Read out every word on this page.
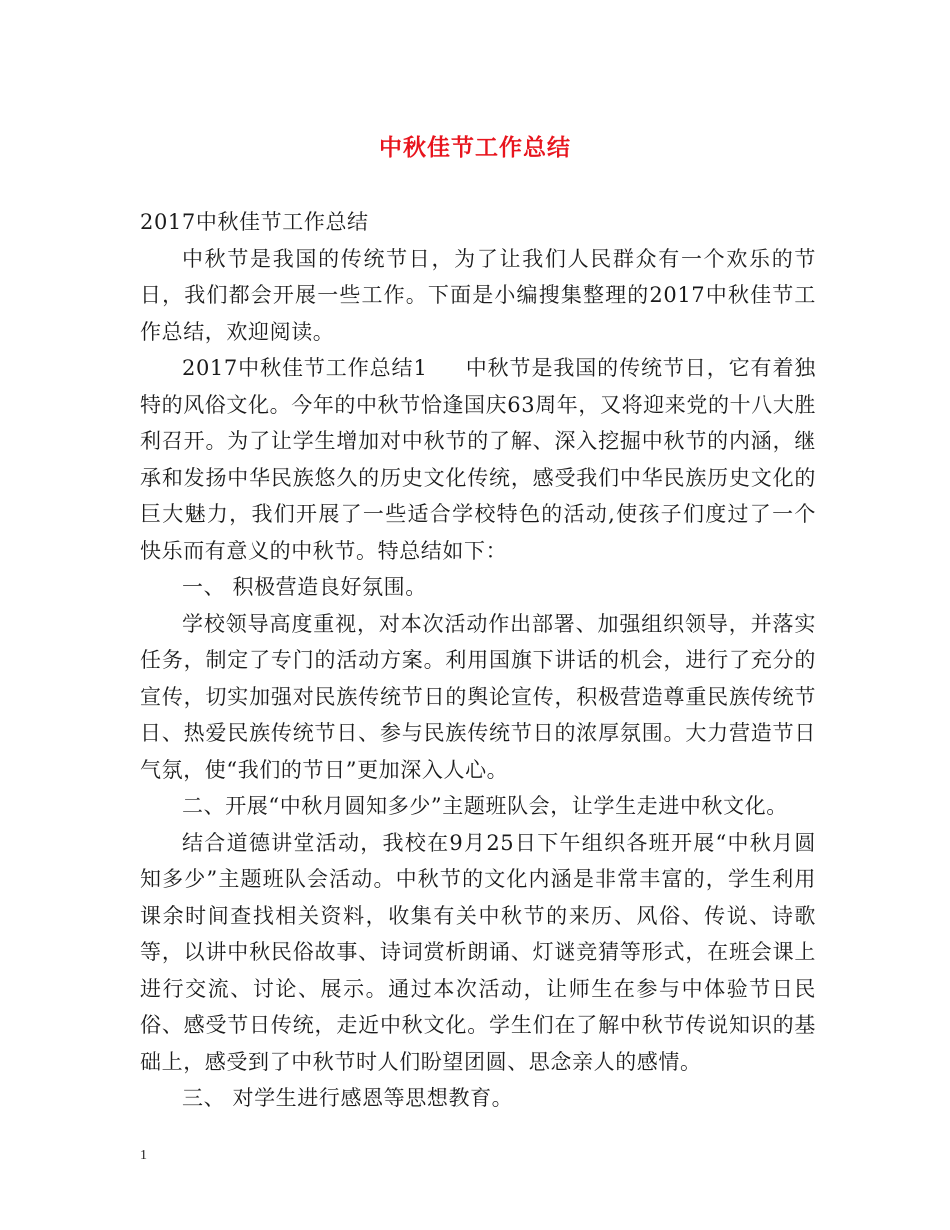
中秋佳节工作总结

2017中秋佳节工作总结

中秋节是我国的传统节日，为了让我们人民群众有一个欢乐的节日，我们都会开展一些工作。下面是小编搜集整理的2017中秋佳节工作总结，欢迎阅读。

2017中秋佳节工作总结1 中秋节是我国的传统节日，它有着独特的风俗文化。今年的中秋节恰逢国庆63周年，又将迎来党的十八大胜利召开。为了让学生增加对中秋节的了解、深入挖掘中秋节的内涵，继承和发扬中华民族悠久的历史文化传统，感受我们中华民族历史文化的巨大魅力，我们开展了一些适合学校特色的活动,使孩子们度过了一个快乐而有意义的中秋节。特总结如下：

一、 积极营造良好氛围。

学校领导高度重视，对本次活动作出部署、加强组织领导，并落实任务，制定了专门的活动方案。利用国旗下讲话的机会，进行了充分的宣传，切实加强对民族传统节日的舆论宣传，积极营造尊重民族传统节日、热爱民族传统节日、参与民族传统节日的浓厚氛围。大力营造节日气氛，使“我们的节日”更加深入人心。

二、开展“中秋月圆知多少”主题班队会，让学生走进中秋文化。

结合道德讲堂活动，我校在9月25日下午组织各班开展“中秋月圆知多少”主题班队会活动。中秋节的文化内涵是非常丰富的，学生利用课余时间查找相关资料，收集有关中秋节的来历、风俗、传说、诗歌等，以讲中秋民俗故事、诗词赏析朗诵、灯谜竞猜等形式，在班会课上进行交流、讨论、展示。通过本次活动，让师生在参与中体验节日民俗、感受节日传统，走近中秋文化。学生们在了解中秋节传说知识的基础上，感受到了中秋节时人们盼望团圆、思念亲人的感情。

三、 对学生进行感恩等思想教育。

1
